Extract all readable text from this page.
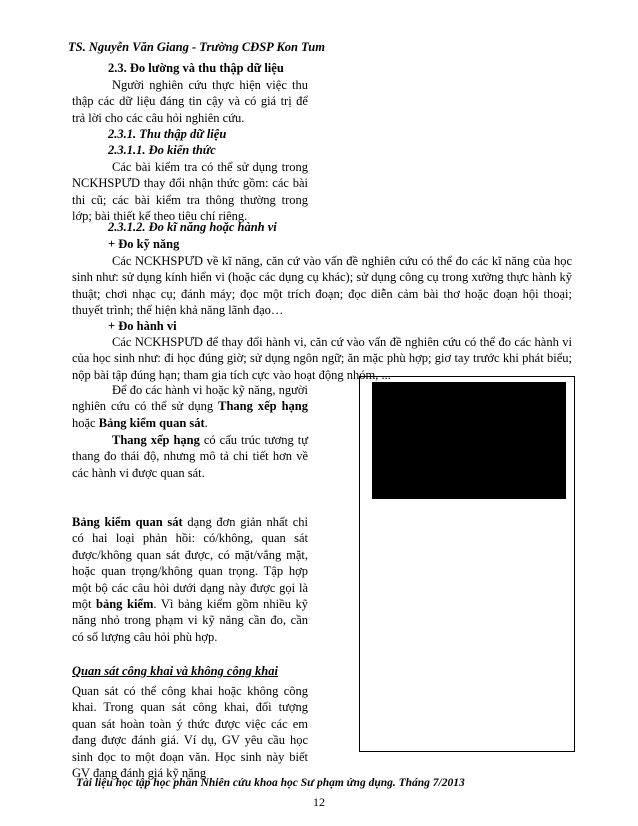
TS. Nguyễn Văn Giang - Trường CĐSP Kon Tum
2.3. Đo lường và thu thập dữ liệu
Người nghiên cứu thực hiện việc thu thập các dữ liệu đáng tin cậy và có giá trị để trả lời cho các câu hỏi nghiên cứu.
2.3.1. Thu thập dữ liệu
2.3.1.1. Đo kiến thức
Các bài kiểm tra có thể sử dụng trong NCKHSPƯD thay đổi nhận thức gồm: các bài thi cũ; các bài kiểm tra thông thường trong lớp; bài thiết kế theo tiêu chí riêng.
2.3.1.2. Đo kĩ năng hoặc hành vi
+ Đo kỹ năng
Các NCKHSPƯD về kĩ năng, căn cứ vào vấn đề nghiên cứu có thể đo các kĩ năng của học sinh như: sử dụng kính hiển vi (hoặc các dụng cụ khác); sử dụng công cụ trong xưởng thực hành kỹ thuật; chơi nhạc cụ; đánh máy; đọc một trích đoạn; đọc diễn cảm bài thơ hoặc đoạn hội thoại; thuyết trình; thể hiện khả năng lãnh đạo…
+ Đo hành vi
Các NCKHSPƯD để thay đổi hành vi, căn cứ vào vấn đề nghiên cứu có thể đo các hành vi của học sinh như: đi học đúng giờ; sử dụng ngôn ngữ; ăn mặc phù hợp; giơ tay trước khi phát biểu; nộp bài tập đúng hạn; tham gia tích cực vào hoạt động nhóm, ...
Để đo các hành vi hoặc kỹ năng, người nghiên cứu có thể sử dụng Thang xếp hạng hoặc Bảng kiểm quan sát.
Thang xếp hạng có cấu trúc tương tự thang đo thái độ, nhưng mô tả chi tiết hơn về các hành vi được quan sát.
Bảng kiểm quan sát dạng đơn giản nhất chỉ có hai loại phản hồi: có/không, quan sát được/không quan sát được, có mặt/vắng mặt, hoặc quan trọng/không quan trọng. Tập hợp một bộ các câu hỏi dưới dạng này được gọi là một bảng kiểm. Vì bảng kiểm gồm nhiều kỹ năng nhỏ trong phạm vi kỹ năng cần đo, cần có số lượng câu hỏi phù hợp.
Quan sát công khai và không công khai
Quan sát có thể công khai hoặc không công khai. Trong quan sát công khai, đối tượng quan sát hoàn toàn ý thức được việc các em đang được đánh giá. Ví dụ, GV yêu cầu học sinh đọc to một đoạn văn. Học sinh này biết GV đang đánh giá kỹ năng
Tài liệu học tập học phần Nhiên cứu khoa học Sư phạm ứng dụng. Tháng 7/2013
12
